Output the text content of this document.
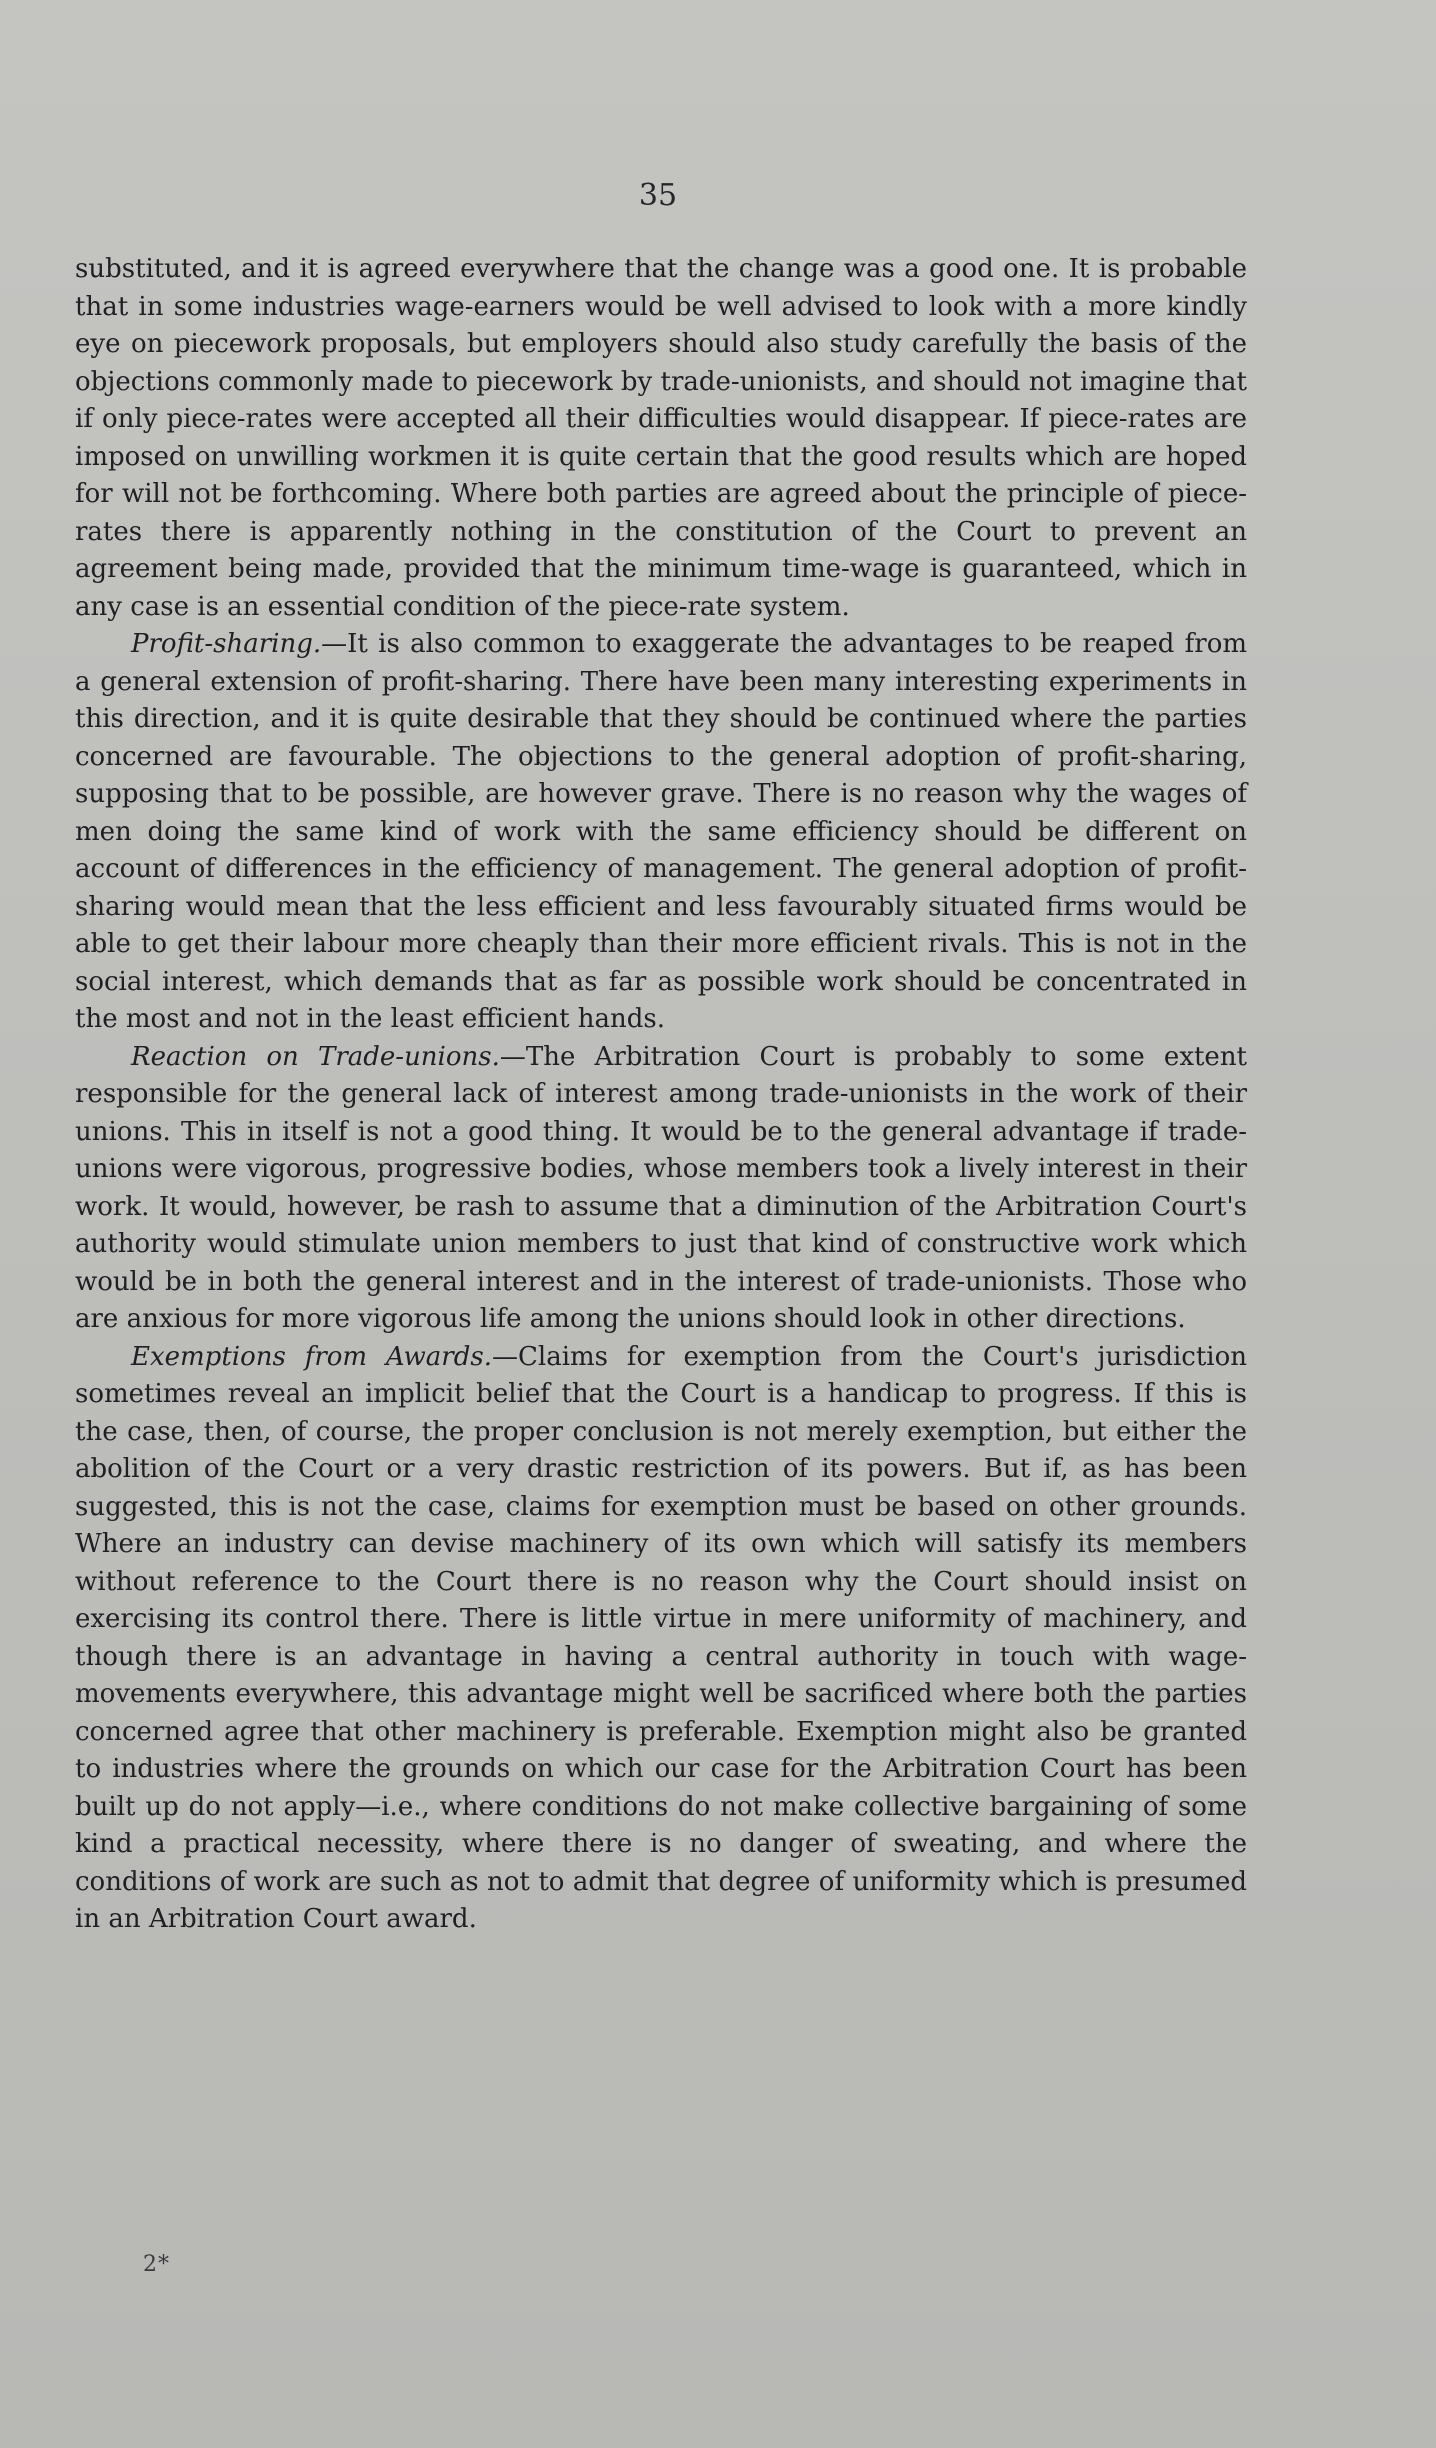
35

substituted, and it is agreed everywhere that the change was a good one. It is probable that in some industries wage-earners would be well advised to look with a more kindly eye on piecework proposals, but employers should also study carefully the basis of the objections commonly made to piecework by trade-unionists, and should not imagine that if only piece-rates were accepted all their difficulties would disappear. If piece-rates are imposed on unwilling workmen it is quite certain that the good results which are hoped for will not be forthcoming. Where both parties are agreed about the principle of piece-rates there is apparently nothing in the constitution of the Court to prevent an agreement being made, provided that the minimum time-wage is guaranteed, which in any case is an essential condition of the piece-rate system.

Profit-sharing.—It is also common to exaggerate the advantages to be reaped from a general extension of profit-sharing. There have been many interesting experiments in this direction, and it is quite desirable that they should be continued where the parties concerned are favourable. The objections to the general adoption of profit-sharing, supposing that to be possible, are however grave. There is no reason why the wages of men doing the same kind of work with the same efficiency should be different on account of differences in the efficiency of management. The general adoption of profit-sharing would mean that the less efficient and less favourably situated firms would be able to get their labour more cheaply than their more efficient rivals. This is not in the social interest, which demands that as far as possible work should be concentrated in the most and not in the least efficient hands.

Reaction on Trade-unions.—The Arbitration Court is probably to some extent responsible for the general lack of interest among trade-unionists in the work of their unions. This in itself is not a good thing. It would be to the general advantage if trade-unions were vigorous, progressive bodies, whose members took a lively interest in their work. It would, however, be rash to assume that a diminution of the Arbitration Court's authority would stimulate union members to just that kind of constructive work which would be in both the general interest and in the interest of trade-unionists. Those who are anxious for more vigorous life among the unions should look in other directions.

Exemptions from Awards.—Claims for exemption from the Court's jurisdiction sometimes reveal an implicit belief that the Court is a handicap to progress. If this is the case, then, of course, the proper conclusion is not merely exemption, but either the abolition of the Court or a very drastic restriction of its powers. But if, as has been suggested, this is not the case, claims for exemption must be based on other grounds. Where an industry can devise machinery of its own which will satisfy its members without reference to the Court there is no reason why the Court should insist on exercising its control there. There is little virtue in mere uniformity of machinery, and though there is an advantage in having a central authority in touch with wage-movements everywhere, this advantage might well be sacrificed where both the parties concerned agree that other machinery is preferable. Exemption might also be granted to industries where the grounds on which our case for the Arbitration Court has been built up do not apply—i.e., where conditions do not make collective bargaining of some kind a practical necessity, where there is no danger of sweating, and where the conditions of work are such as not to admit that degree of uniformity which is presumed in an Arbitration Court award.

2*
